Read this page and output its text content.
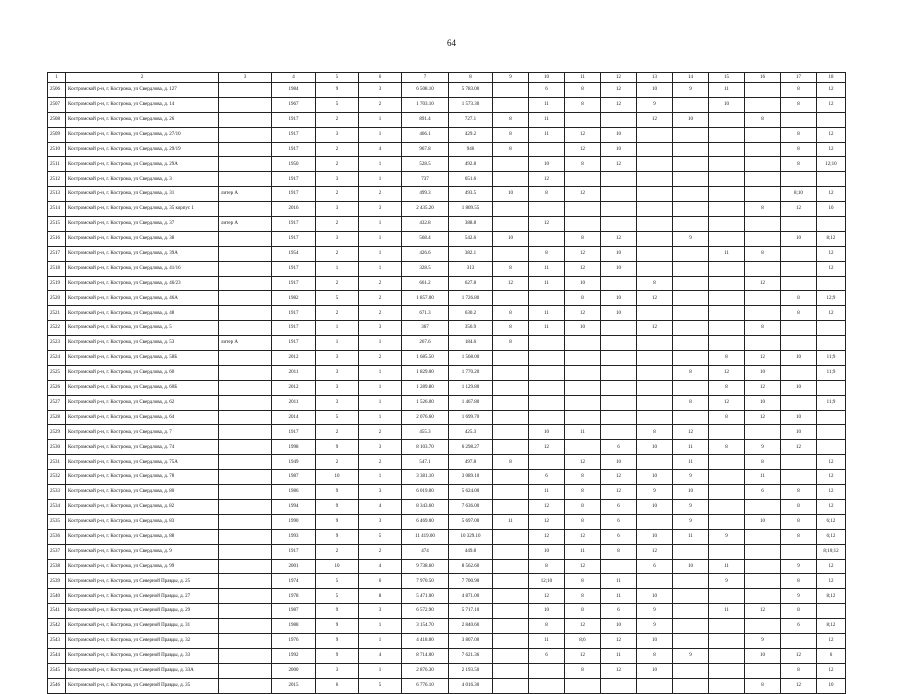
64
1	2	3	4	5	6	7	8	9	10	11	12	13	14	15	16	17	18
2506	Костромской р-н, г. Кострома, ул Свердлова, д. 127		1984	9	3	6 508.10	5 783.00		6	8	12	10	9	11		8	12
2507	Костромской р-н, г. Кострома, ул Свердлова, д. 14		1967	5	2	1 703.10	1 573.30		11	8	12	9		10		8	12
2508	Костромской р-н, г. Кострома, ул Свердлова, д. 26		1917	2	1	891.4	727.1	8	11			12	10		8		
2509	Костромской р-н, г. Кострома, ул Свердлова, д. 27/10		1917	3	1	466.1	429.2	8	11	12	10					8	12
2510	Костромской р-н, г. Кострома, ул Свердлова, д. 29/19		1917	2	4	967.8	946	8		12	10					8	12
2511	Костромской р-н, г. Кострома, ул Свердлова, д. 29А		1950	2	1	528.5	492.8		10	8	12					8	12;10
2512	Костромской р-н, г. Кострома, ул Свердлова, д. 3		1917	3	1	737	651.6		12								
2513	Костромской р-н, г. Кострома, ул Свердлова, д. 31	литер А	1917	2	2	499.3	493.5	10	8	12						8;10	12
2514	Костромской р-н, г. Кострома, ул Свердлова, д. 35 корпус 1		2016	3	3	2 435.20	1 809.55								8	12	10
2515	Костромской р-н, г. Кострома, ул Свердлова, д. 37	литер А	1917	2	1	432.8	388.8		12								
2516	Костромской р-н, г. Кострома, ул Свердлова, д. 38		1917	3	1	568.4	542.6	10		8	12		9			10	8;12
2517	Костромской р-н, г. Кострома, ул Свердлова, д. 39А		1954	2	1	426.6	382.1		8	12	10			11	8		12
2518	Костромской р-н, г. Кострома, ул Свердлова, д. 41/16		1917	1	1	328.5	313	8	11	12	10						12
2519	Костромской р-н, г. Кострома, ул Свердлова, д. 46/23		1917	2	2	661.2	627.8	12	11	10		8			12		
2520	Костромской р-н, г. Кострома, ул Свердлова, д. 46А		1982	5	2	1 857.00	1 726.80			8	10	12				8	12;9
2521	Костромской р-н, г. Кострома, ул Свердлова, д. 48		1917	2	2	671.3	630.2	8	11	12	10					8	12
2522	Костромской р-н, г. Кострома, ул Свердлова, д. 5		1917	1	3	367	356.9	8	11	10		12			8		
2523	Костромской р-н, г. Кострома, ул Свердлова, д. 53	литер А	1917	1	1	267.6	184.6	8									
2524	Костромской р-н, г. Кострома, ул Свердлова, д. 58Б		2012	3	2	1 685.50	1 568.00							8	12	10	11;9
2525	Костромской р-н, г. Кострома, ул Свердлова, д. 60		2011	3	1	1 829.00	1 770.20						8	12	10		11;9
2526	Костромской р-н, г. Кострома, ул Свердлова, д. 60Б		2012	3	1	1 289.80	1 129.80							8	12	10	
2527	Костромской р-н, г. Кострома, ул Свердлова, д. 62		2011	3	1	1 526.00	1 467.80						8	12	10		11;9
2528	Костромской р-н, г. Кострома, ул Свердлова, д. 64		2014	5	1	2 076.60	1 699.70							8	12	10	
2529	Костромской р-н, г. Кострома, ул Свердлова, д. 7		1917	2	2	455.3	425.3		10	11		8	12			10	
2530	Костромской р-н, г. Кострома, ул Свердлова, д. 74		1998	9	3	8 103.70	6 298.27		12		6	10	11	8	9	12	
2531	Костромской р-н, г. Кострома, ул Свердлова, д. 75А		1949	2	2	547.1	497.8	8		12	10		11		8		12
2532	Костромской р-н, г. Кострома, ул Свердлова, д. 78		1987	10	1	3 381.10	3 089.10		6	8	12	10	9		11		12
2533	Костромской р-н, г. Кострома, ул Свердлова, д. 80		1986	9	3	6 019.00	5 624.00		11	8	12	9	10		6	8	12
2534	Костромской р-н, г. Кострома, ул Свердлова, д. 82		1994	9	4	8 343.60	7 636.00		12	8	6	10	9			8	12
2535	Костромской р-н, г. Кострома, ул Свердлова, д. 83		1990	9	3	6 469.00	5 697.00	11	12	8	6		9		10	8	6;12
2536	Костромской р-н, г. Кострома, ул Свердлова, д. 88		1993	9	5	11 419.00	10 329.10		12	12	6	10	11	9		8	6;12
2537	Костромской р-н, г. Кострома, ул Свердлова, д. 9		1917	2	2	474	449.8		10	11	8	12					8;10;12
2538	Костромской р-н, г. Кострома, ул Свердлова, д. 99		2001	10	4	9 738.60	8 562.60		8	12		6	10	11		9	12
2539	Костромской р-н, г. Кострома, ул Северной Правды, д. 25		1974	5	6	7 970.50	7 700.90		12;10	8	11			9		8	12
2540	Костромской р-н, г. Кострома, ул Северной Правды, д. 27		1978	5	8	5 471.00	4 871.00		12	8	11	10				9	8;12
2541	Костромской р-н, г. Кострома, ул Северной Правды, д. 29		1987	9	3	6 572.90	5 717.10		10	8	6	9		11	12	8	
2542	Костромской р-н, г. Кострома, ул Северной Правды, д. 31		1988	9	1	3 154.70	2 840.60		8	12	10	9				6	8;12
2543	Костромской р-н, г. Кострома, ул Северной Правды, д. 32		1976	9	1	4 418.00	3 807.00		11	8;6	12	10			9		12
2544	Костромской р-н, г. Кострома, ул Северной Правды, д. 33		1992	9	4	8 714.00	7 621.36		6	12	11	8	9		10	12	6
2545	Костромской р-н, г. Кострома, ул Северной Правды, д. 33А		2000	3	1	2 876.30	2 193.50			8	12	10				8	12
2546	Костромской р-н, г. Кострома, ул Северной Правды, д. 35		2015	6	5	6 776.10	4 016.30								8	12	10
